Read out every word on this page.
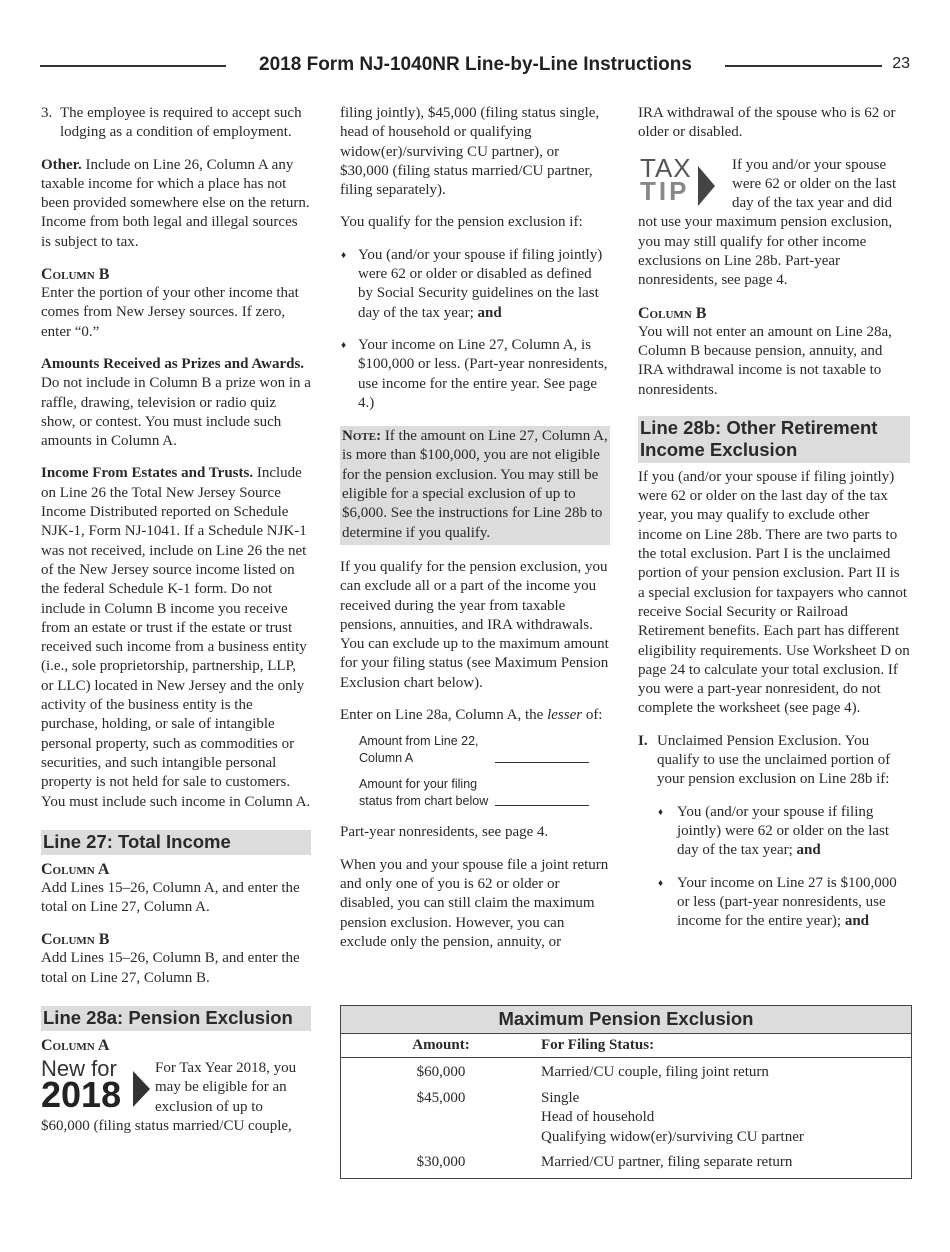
2018 Form NJ-1040NR Line-by-Line Instructions	23
3. The employee is required to accept such lodging as a condition of employment.

Other. Include on Line 26, Column A any taxable income for which a place has not been provided somewhere else on the return. Income from both legal and illegal sources is subject to tax.

Column B

Enter the portion of your other income that comes from New Jersey sources. If zero, enter “0.”

Amounts Received as Prizes and Awards. Do not include in Column B a prize won in a raffle, drawing, television or radio quiz show, or contest. You must include such amounts in Column A.

Income From Estates and Trusts. Include on Line 26 the Total New Jersey Source Income Distributed reported on Schedule NJK-1, Form NJ-1041. If a Schedule NJK-1 was not received, include on Line 26 the net of the New Jersey source income listed on the federal Schedule K-1 form. Do not include in Column B income you receive from an estate or trust if the estate or trust received such income from a business entity (i.e., sole proprietorship, partnership, LLP, or LLC) located in New Jersey and the only activity of the business entity is the purchase, holding, or sale of intangible personal property, such as commodities or securities, and such intangible personal property is not held for sale to customers. You must include such income in Column A.

Line 27: Total Income
Column A

Add Lines 15–26, Column A, and enter the total on Line 27, Column A.

Column B

Add Lines 15–26, Column B, and enter the total on Line 27, Column B.

Line 28a: Pension Exclusion
Column A
New for
2018
For Tax Year 2018, you may be eligible for an exclusion of up to $60,000 (filing status married/CU couple,

filing jointly), $45,000 (filing status single, head of household or qualifying widow(er)/surviving CU partner), or $30,000 (filing status married/CU partner, filing separately).

You qualify for the pension exclusion if:

♦ You (and/or your spouse if filing jointly) were 62 or older or disabled as defined by Social Security guidelines on the last day of the tax year; and
♦ Your income on Line 27, Column A, is $100,000 or less. (Part-year nonresidents, use income for the entire year. See page 4.)
Note: If the amount on Line 27, Column A, is more than $100,000, you are not eligible for the pension exclusion. You may still be eligible for a special exclusion of up to $6,000. See the instructions for Line 28b to determine if you qualify.

If you qualify for the pension exclusion, you can exclude all or a part of the income you received during the year from taxable pensions, annuities, and IRA withdrawals. You can exclude up to the maximum amount for your filing status (see Maximum Pension Exclusion chart below).

Enter on Line 28a, Column A, the lesser of:

Amount from Line 22,
Column A
Amount for your filing
status from chart below

Part-year nonresidents, see page 4.

When you and your spouse file a joint return and only one of you is 62 or older or disabled, you can still claim the maximum pension exclusion. However, you can exclude only the pension, annuity, or

IRA withdrawal of the spouse who is 62 or older or disabled.

TAX
TIP
If you and/or your spouse were 62 or older on the last day of the tax year and did not use your maximum pension exclusion, you may still qualify for other income exclusions on Line 28b. Part-year nonresidents, see page 4.
Column B

You will not enter an amount on Line 28a, Column B because pension, annuity, and IRA withdrawal income is not taxable to nonresidents.

Line 28b: Other Retirement Income Exclusion

If you (and/or your spouse if filing jointly) were 62 or older on the last day of the tax year, you may qualify to exclude other income on Line 28b. There are two parts to the total exclusion. Part I is the unclaimed portion of your pension exclusion. Part II is a special exclusion for taxpayers who cannot receive Social Security or Railroad Retirement benefits. Each part has different eligibility requirements. Use Worksheet D on page 24 to calculate your total exclusion. If you were a part-year nonresident, do not complete the worksheet (see page 4).

I. Unclaimed Pension Exclusion. You qualify to use the unclaimed portion of your pension exclusion on Line 28b if:
♦ You (and/or your spouse if filing jointly) were 62 or older on the last day of the tax year; and
♦ Your income on Line 27 is $100,000 or less (part-year nonresidents, use income for the entire year); and
Maximum Pension Exclusion
Amount:	For Filing Status:
$60,000	Married/CU couple, filing joint return
$45,000	Single
Head of household
Qualifying widow(er)/surviving CU partner
$30,000	Married/CU partner, filing separate return
